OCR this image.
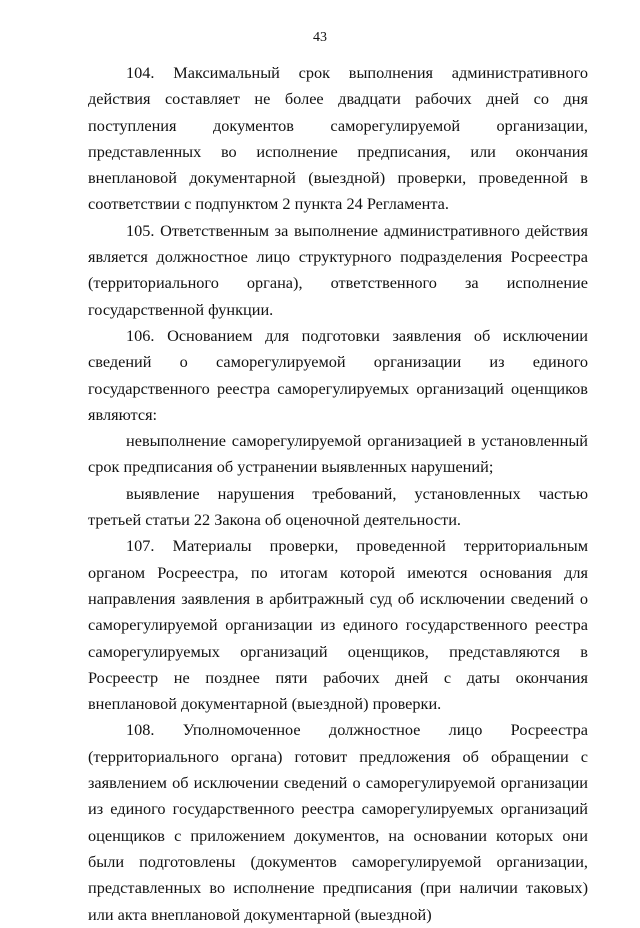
43

104. Максимальный срок выполнения административного действия составляет не более двадцати рабочих дней со дня поступления документов саморегулируемой организации, представленных во исполнение предписания, или окончания внеплановой документарной (выездной) проверки, проведенной в соответствии с подпунктом 2 пункта 24 Регламента.

105. Ответственным за выполнение административного действия является должностное лицо структурного подразделения Росреестра (территориального органа), ответственного за исполнение государственной функции.

106. Основанием для подготовки заявления об исключении сведений о саморегулируемой организации из единого государственного реестра саморегулируемых организаций оценщиков являются:

невыполнение саморегулируемой организацией в установленный срок предписания об устранении выявленных нарушений;

выявление нарушения требований, установленных частью третьей статьи 22 Закона об оценочной деятельности.

107. Материалы проверки, проведенной территориальным органом Росреестра, по итогам которой имеются основания для направления заявления в арбитражный суд об исключении сведений о саморегулируемой организации из единого государственного реестра саморегулируемых организаций оценщиков, представляются в Росреестр не позднее пяти рабочих дней с даты окончания внеплановой документарной (выездной) проверки.

108. Уполномоченное должностное лицо Росреестра (территориального органа) готовит предложения об обращении с заявлением об исключении сведений о саморегулируемой организации из единого государственного реестра саморегулируемых организаций оценщиков с приложением документов, на основании которых они были подготовлены (документов саморегулируемой организации, представленных во исполнение предписания (при наличии таковых) или акта внеплановой документарной (выездной)
